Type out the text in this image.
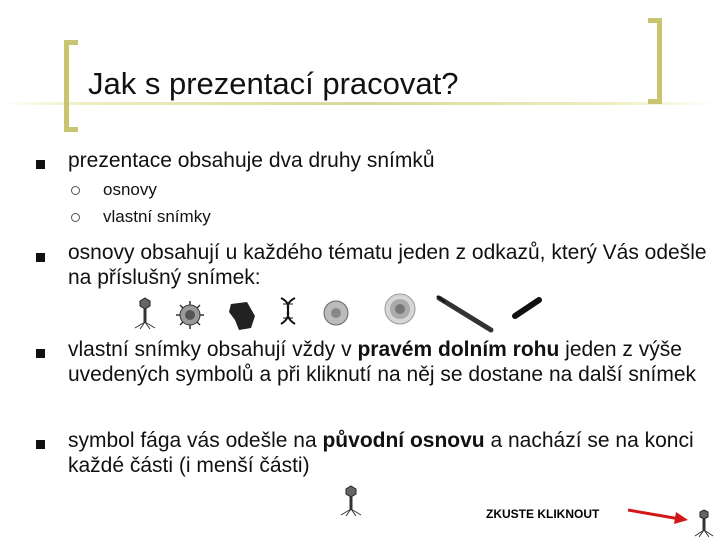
Jak s prezentací pracovat?
prezentace obsahuje dva druhy snímků
osnovy
vlastní snímky
osnovy obsahují u každého tématu jeden z odkazů, který Vás odešle na příslušný snímek:
vlastní snímky obsahují vždy v pravém dolním rohu jeden z výše uvedených symbolů a při kliknutí na něj se dostane na další snímek
symbol fága vás odešle na původní osnovu a nachází se na konci každé části (i menší části)
ZKUSTE KLIKNOUT
